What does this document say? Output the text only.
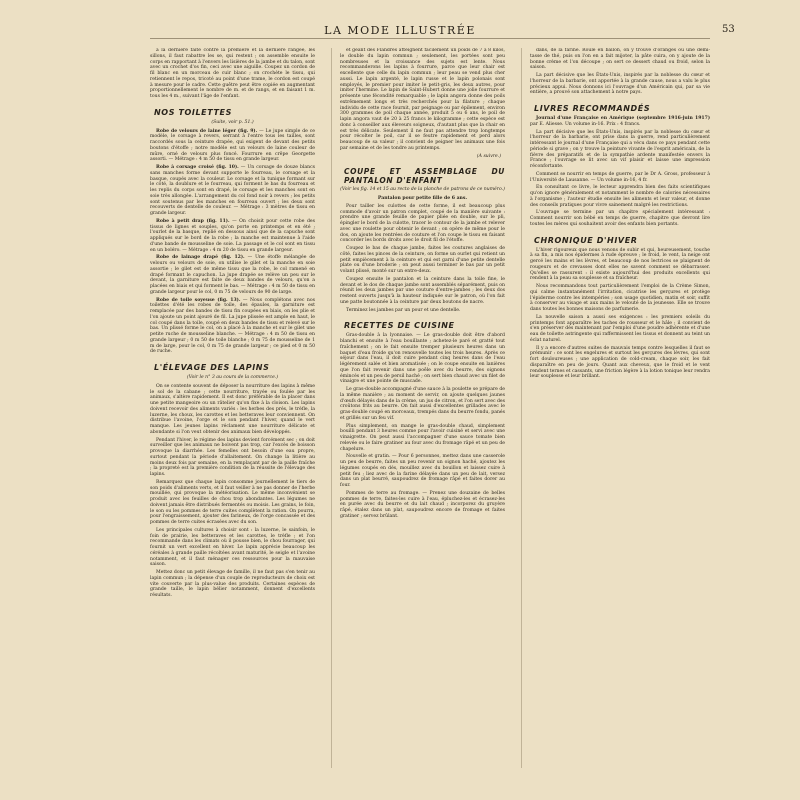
LA MODE ILLUSTRÉE	53

à la dernière faite contre la première et la dernière rangée, les sillons, il faut rabattre les se, qui restent ; on assemble ensuite le corps en rapportant à l'envers les lisières de la jambe et du talon, sont avec un crochet d'os fin, ceci avec une aiguille. Coupez un cordon de fil blanc en un morceau de cuir blanc ; on crochète le tissu, qui retiennent le repos, tricoté au point d'une trame, le cordon est coupé à mesure pour le cadre. Cette guêtre peut être copiée en augmentant proportionnellement le nombre de m. et de rangs, et en faisant 1 m. tous les 4 m., suivant l'âge de l'enfant.

NOS TOILETTES

(Suite, voir p. 51.)

Robe de velours de laine léger (fig. 9). — Le jupe simple de ce modèle, le corsage à revers, serrant à l'entre tous les tailles, sont raccordés sous la ceinture drapée, qui exigent de devant des petits boutons d'étoffe ; notre modèle est un velours de laine couleur de mûre, orné de velours plus foncé. Fourrure en crêpe Georgette assorti. — Métrage : 4 m 50 de tissu en grande largeur.

Robe à corsage croisé (fig. 10). — Un corsage de douze blancs sans manches forme devant supporte le fourreau, le corsage et la basque, coupés avec la couleur. Le corsage et la tunique formant sur le côté, la doublure et le fourreau, qui forment le bas du fourreau et les replis du corps sont en drapé, le corsage et les manches sont en soie très allongée. L'arrangement du col fond noir à revers ; les petits sont soutenus par les manches en fourreau ouvert ; les deux sont recouverts de dentelle de couleur. — Métrage : 3 mètres de tissu en grande largeur.

Robe à petit drap (fig. 11). — On choisit pour cette robe des tissus de lignes et souples, qu'on porte en printemps et en été ; l'ourlet de la basque, replié en dessous ainsi que de la capuche sont appliqués sur le bord de la robe ; la manche est maintenue à l'aide d'une bande de mousseline de soie. La passage et le col sont en tissu en un boléro. — Métrage : 4 m 20 de tissu en grande largeur.

Robe de lainage drapé (fig. 12). — Une étoffe mélangée de velours ou velours de soie, on utilise le gilet et la manche en soie assortie ; le gilet est de même tissu que la robe, le col ramené en drapé formant le capuchon. La jupe drapée se relève un peu sur le devant, la garniture est faite de deux bandes de velours, qu'on a placées en biais et qui forment le bas. — Métrage : 4 m 50 de tissu en grande largeur pour le col, 0 m 75 de velours de 90 de large.

Robe de toile soyeuse (fig. 13). — Nous complétons avec nos toilettes d'été les robes de toile, des épaules, la garniture est remplacée par des bandes de tissu fin coupées en biais, on les plie et l'on ajoute un point ajouré de fil. La jupe plissée est ample en haut, le col coupé dans la toile, coupé en deux bandes de tissu et relevé sur le bas. Un plissé forme le col, on a placé à la manche et sur le gilet une petite ruche de mousseline blanche. — Métrage : 4 m 50 de tissu en grande largeur ; 0 m 50 de toile blanche ; 0 m 75 de mousseline de 1 m de large, pour le col, 0 m 75 de grande largeur ; ce pied et 0 m 50 de ruche.

L'ÉLEVAGE DES LAPINS

(Voir le n° 3 au cours de la commerce.)

On se contente souvent de déposer la nourriture des lapins à même le sol de la cabane ; cette nourriture, trayée ou foulée par les animaux, s'altère rapidement. Il est donc préférable de la placer dans une petite mangeoire ou un râtelier qu'on fixe à la cloison. Les lapins doivent recevoir des aliments variés : les herbes des prés, le trèfle, la luzerne, les choux, les carottes et les betteraves leur conviennent. On distribue l'avoine, l'orge et le son pendant l'hiver, quand le vert manque. Les jeunes lapins réclament une nourriture délicate et abondante si l'on veut obtenir des animaux bien développés.

Pendant l'hiver, le régime des lapins devient forcément sec ; on doit surveiller que les animaux ne boivent pas trop, car l'excès de boisson provoque la diarrhée. Les femelles ont besoin d'une eau propre, surtout pendant la période d'allaitement. On change la litière au moins deux fois par semaine, en la remplaçant par de la paille fraîche ; la propreté est la première condition de la réussite de l'élevage des lapins.

Remarquez que chaque lapin consomme journellement le tiers de son poids d'aliments verts, et il faut veiller à ne pas donner de l'herbe mouillée, qui provoque la météorisation. Le même inconvénient se produit avec les feuilles de chou trop abondantes. Les légumes ne doivent jamais être distribués fermentés ou moisis. Les grains, le foin, le son ou les pommes de terre cuites complètent la ration. On pourra, pour l'engraissement, ajouter des farineux, de l'orge concassée et des pommes de terre cuites écrasées avec du son.

Les principales cultures à choisir sont : la luzerne, le sainfoin, le foin de prairie, les betteraves et les carottes, le trèfle ; et l'on recommande dans les climats où il pousse bien, le chou fourrager, qui fournit un vert excellent en hiver. Le lapin apprécie beaucoup les céréales à grande paille récoltées avant maturité, le seigle et l'avoine notamment, et il faut ménager ces ressources pour la mauvaise saison.

Mettez donc un petit élevage de famille, il ne faut pas s'en tenir au lapin commun ; la dépense d'un couple de reproducteurs de choix est vite couverte par la plus-value des produits. Certaines espèces de grande taille, le lapin bélier notamment, donnent d'excellents résultats.

et géant des Flandres atteignent facilement un poids de 7 à 8 kilos, le double du lapin commun ; seulement, les portées sont peu nombreuses et la croissance des sujets est lente. Nous recommanderons les lapins à fourrure, parce que leur chair est excellente que celle du lapin commun ; leur peau se vend plus cher aussi. Le lapin argenté, le lapin russe et le lapin polonais sont employés, le premier pour imiter le petit-gris, les deux autres, pour imiter l'hermine. Le lapin de Saint-Hubert donne une jolie fourrure et présente une fécondité remarquable ; le lapin angora donne des poils extrêmement longs et très recherchés pour la filature ; chaque individu de cette race fournit, par peignage ou par épilement, environ 300 grammes de poil chaque année, produit 5 ou 6 ans, le poil de lapin angora vaut de 20 à 25 francs le kilogramme ; cette espèce est donc à conseiller aux éleveurs soigneux, d'autant plus que la chair en est très délicate. Seulement il ne faut pas attendre trop longtemps pour récolter le poil, car il se feutre rapidement et perd alors beaucoup de sa valeur ; il convient de peigner les animaux une fois par semaine et de les tondre au printemps.

(A suivre.)

COUPE ET ASSEMBLAGE DU PANTALON D'ENFANT

(Voir les fig. 14 et 15 au recto de la planche de patrons de ce numéro.)

Pantalon pour petite fille de 6 ans.

Pour tailler les culottes de cette forme, il est beaucoup plus commode d'avoir un patron complet, coupé de la manière suivante : prendre une grande feuille de papier pliée en double, sur le pli, épingler le bord de la culotte, tracer le contour de la jambe et relever avec une roulette pour obtenir le devant ; on opère de même pour le dos, on ajoute les rentrées de couture et l'on coupe le tissu en faisant concorder les bords droits avec le droit fil de l'étoffe.

Coupez le bas de chaque jambe, faites les coutures anglaises de côté, faites les pinces de la ceinture, on forme un ourlet qui retient un petit empiècement à la ceinture et qui est garni d'une petite dentelle plate ou d'une broderie ; on peut aussi terminer le bas par un petit volant plissé, monté sur un entre-deux.

Coupez ensuite le pantalon et la ceinture dans la toile fine, le devant et le dos de chaque jambe sont assemblés séparément, puis on réunit les deux jambes par une couture d'entre-jambes ; les deux dos restent ouverts jusqu'à la hauteur indiquée sur le patron, où l'on fait une patte boutonnée à la ceinture par deux boutons de nacre.

Terminez les jambes par un pour et une dentelle.

RECETTES DE CUISINE

Gras-double à la lyonnaise. — Le gras-double doit être d'abord blanchi et ensuite à l'eau bouillante ; achetez-le paré et gratté tout fraîchement ; on le fait ensuite tremper plusieurs heures dans un baquet d'eau froide qu'on renouvelle toutes les trois heures. Après ce séjour dans l'eau, il doit cuire pendant cinq heures dans de l'eau légèrement salée et bien aromatisée ; on le coupe ensuite en lanières que l'on fait revenir dans une poêle avec du beurre, des oignons émincés et un peu de persil haché ; on sert bien chaud avec un filet de vinaigre et une pointe de muscade.

Le gras-double accompagné d'une sauce à la poulette se prépare de la même manière ; au moment de servir, on ajoute quelques jaunes d'œufs délayés dans de la crème, un jus de citron, et l'on sert avec des croûtons frits au beurre. On fait aussi d'excellentes grillades avec le gras-double coupé en morceaux, trempés dans du beurre fondu, panés et grillés sur un feu vif.

Plus simplement, on mange le gras-double chaud, simplement bouilli pendant 3 heures comme pour l'avoir cuisiné et servi avec une vinaigrette. On peut aussi l'accompagner d'une sauce tomate bien relevée ou le faire gratiner au four avec du fromage râpé et un peu de chapelure.

Nouvelle et gratin. — Pour 6 personnes, mettez dans une casserole un peu de beurre, faites un peu revenir un oignon haché, ajoutez les légumes coupés en dés, mouillez avec du bouillon et laissez cuire à petit feu ; liez avec de la farine délayée dans un peu de lait, versez dans un plat beurré, saupoudrez de fromage râpé et faites dorer au four.

Pommes de terre au fromage. — Prenez une douzaine de belles pommes de terre, faites-les cuire à l'eau, épluchez-les et écrasez-les en purée avec du beurre et du lait chaud ; incorporez du gruyère râpé, étalez dans un plat, saupoudrez encore de fromage et faites gratiner ; servez brûlant.

dans, de la farine. Roulé en ballon, on y trouve d'oranges ou une demi-tasse de thé, puis on l'on en a fait mijoter, la pâte cuira, on y ajoute de la bonne crème et l'on découpe ; on sert ce dessert chaud ou froid, selon la saison.

La part décisive que les États-Unis, inspirés par la noblesse du cœur et l'horreur de la barbarie, ont apportée à la grande cause, nous a valu le plus précieux appui. Nous donnons ici l'ouvrage d'un Américain qui, par sa vie entière, a prouvé son attachement à notre pays.

LIVRES RECOMMANDÉS

Journal d'une Française en Amérique (septembre 1916-juin 1917) par E. Aliesse. Un volume in-16. Prix : 4 francs.

La part décisive que les États-Unis, inspirés par la noblesse du cœur et l'horreur de la barbarie, ont prise dans la guerre, rend particulièrement intéressant le journal d'une Française qui a vécu dans ce pays pendant cette période si grave ; on y trouve la peinture vivante de l'esprit américain, de la fièvre des préparatifs et de la sympathie ardente manifestée envers la France ; l'ouvrage se lit avec un vif plaisir et laisse une impression réconfortante.

Comment se nourrir en temps de guerre, par le Dr A. Gross, professeur à l'Université de Lausanne. — Un volume in-16, 4 fr.

En consultant ce livre, le lecteur apprendra bien des faits scientifiques qu'on ignore généralement et notamment le nombre de calories nécessaires à l'organisme ; l'auteur étudie ensuite les aliments et leur valeur, et donne des conseils pratiques pour vivre sainement malgré les restrictions.

L'ouvrage se termine par un chapitre spécialement intéressant : Comment nourrir son bébé en temps de guerre, chapitre que devront lire toutes les mères qui souhaitent avoir des enfants bien portants.

CHRONIQUE D'HIVER

L'hiver rigoureux que nous venons de subir et qui, heureusement, touche à sa fin, a mis nos épidermes à rude épreuve ; le froid, le vent, la neige ont gercé les mains et les lèvres, et beaucoup de nos lectrices se plaignent de rougeurs et de crevasses dont elles ne savent comment se débarrasser. Qu'elles se rassurent : il existe aujourd'hui des produits excellents qui rendent à la peau sa souplesse et sa fraîcheur.

Nous recommandons tout particulièrement l'emploi de la Crème Simon, qui calme instantanément l'irritation, cicatrise les gerçures et protège l'épiderme contre les intempéries ; son usage quotidien, matin et soir, suffit à conserver au visage et aux mains le velouté de la jeunesse. Elle se trouve dans toutes les bonnes maisons de parfumerie.

La nouvelle saison a aussi ses exigences : les premiers soleils du printemps font apparaître les taches de rousseur et le hâle ; il convient de s'en préserver dès maintenant par l'emploi d'une poudre adhérente et d'une eau de toilette astringente qui raffermissent les tissus et donnent au teint un éclat naturel.

Il y a encore d'autres suites de mauvais temps contre lesquelles il faut se prémunir : ce sont les engelures et surtout les gerçures des lèvres, qui sont fort douloureuses ; une application de cold-cream, chaque soir, les fait disparaître en peu de jours. Quant aux cheveux, que le froid et le vent rendent ternes et cassants, une friction légère à la lotion tonique leur rendra leur souplesse et leur brillant.
